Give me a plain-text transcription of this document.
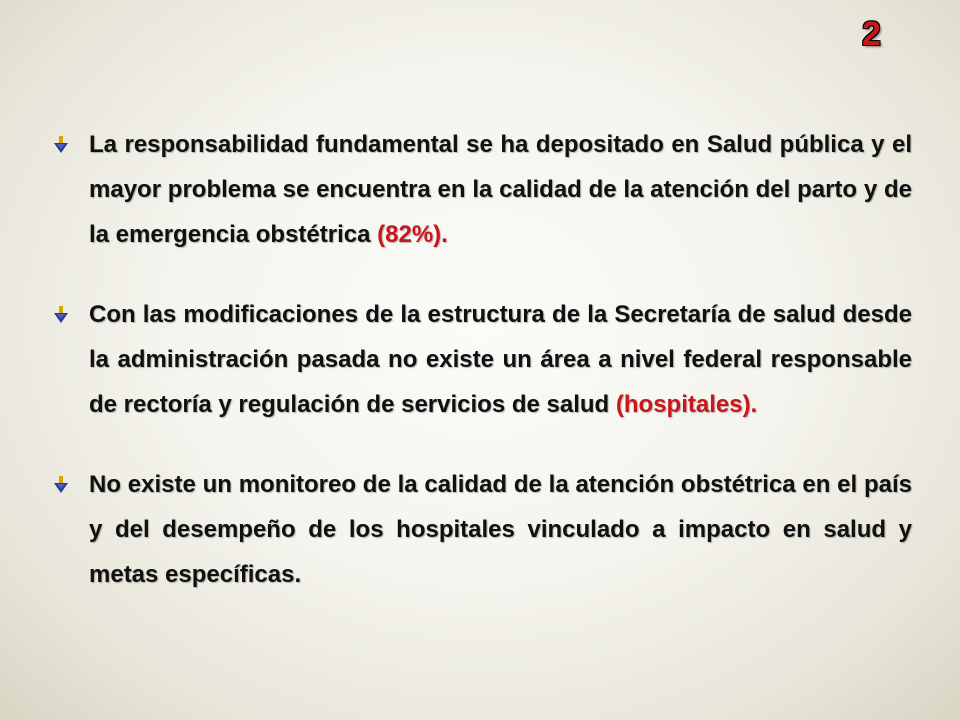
2

La responsabilidad fundamental se ha depositado en Salud pública y el mayor problema se encuentra en la calidad de la atención del parto y de la emergencia obstétrica (82%).

Con las modificaciones de la estructura de la Secretaría de salud desde la administración pasada no existe un área a nivel federal responsable de rectoría y regulación de servicios de salud (hospitales).

No existe un monitoreo de la calidad de la atención obstétrica en el país y del desempeño de los hospitales vinculado a impacto en salud y metas específicas.
